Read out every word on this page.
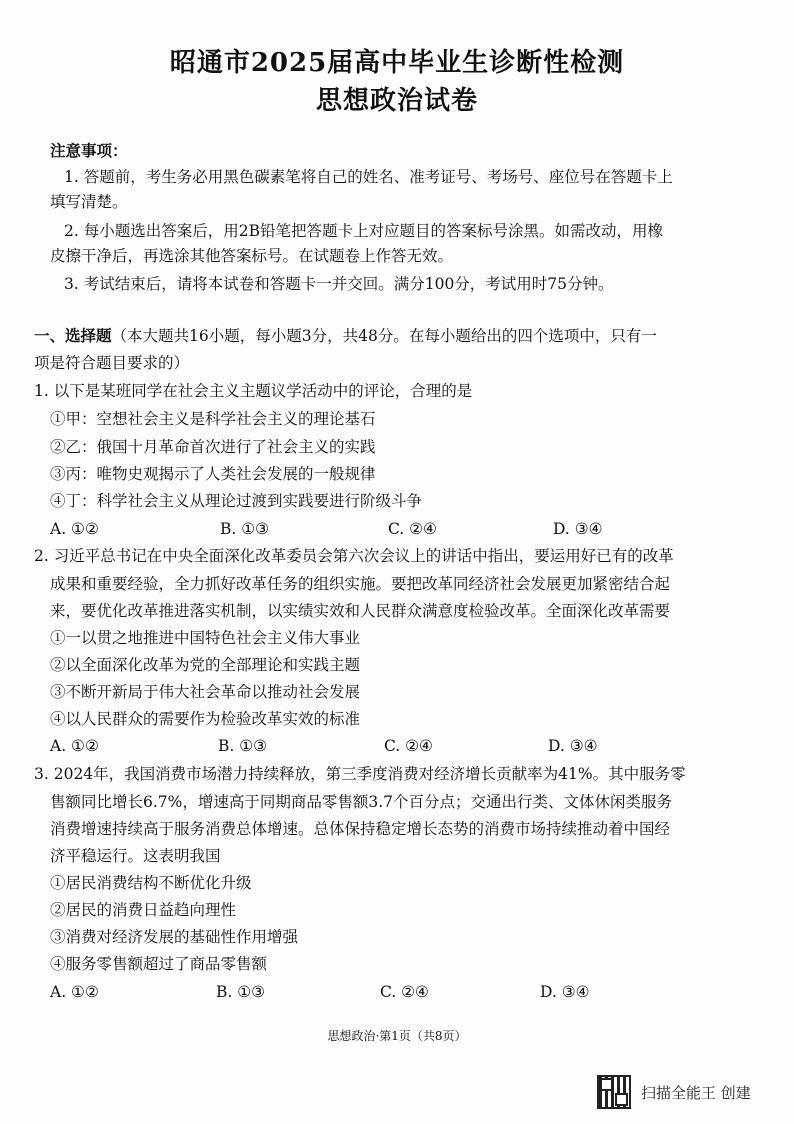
昭通市2025届高中毕业生诊断性检测
思想政治试卷
注意事项：
1. 答题前，考生务必用黑色碳素笔将自己的姓名、准考证号、考场号、座位号在答题卡上
填写清楚。
2. 每小题选出答案后，用2B铅笔把答题卡上对应题目的答案标号涂黑。如需改动，用橡
皮擦干净后，再选涂其他答案标号。在试题卷上作答无效。
3. 考试结束后，请将本试卷和答题卡一并交回。满分100分，考试用时75分钟。
一、选择题（本大题共16小题，每小题3分，共48分。在每小题给出的四个选项中，只有一
项是符合题目要求的）
1. 以下是某班同学在社会主义主题议学活动中的评论，合理的是
①甲：空想社会主义是科学社会主义的理论基石
②乙：俄国十月革命首次进行了社会主义的实践
③丙：唯物史观揭示了人类社会发展的一般规律
④丁：科学社会主义从理论过渡到实践要进行阶级斗争
A. ①②	B. ①③	C. ②④	D. ③④
2. 习近平总书记在中央全面深化改革委员会第六次会议上的讲话中指出，要运用好已有的改革
成果和重要经验，全力抓好改革任务的组织实施。要把改革同经济社会发展更加紧密结合起
来，要优化改革推进落实机制，以实绩实效和人民群众满意度检验改革。全面深化改革需要
①一以贯之地推进中国特色社会主义伟大事业
②以全面深化改革为党的全部理论和实践主题
③不断开新局于伟大社会革命以推动社会发展
④以人民群众的需要作为检验改革实效的标准
A. ①②	B. ①③	C. ②④	D. ③④
3. 2024年，我国消费市场潜力持续释放，第三季度消费对经济增长贡献率为41%。其中服务零
售额同比增长6.7%，增速高于同期商品零售额3.7个百分点；交通出行类、文体休闲类服务
消费增速持续高于服务消费总体增速。总体保持稳定增长态势的消费市场持续推动着中国经
济平稳运行。这表明我国
①居民消费结构不断优化升级
②居民的消费日益趋向理性
③消费对经济发展的基础性作用增强
④服务零售额超过了商品零售额
A. ①②	B. ①③	C. ②④	D. ③④
思想政治·第1页（共8页）
扫描全能王 创建
